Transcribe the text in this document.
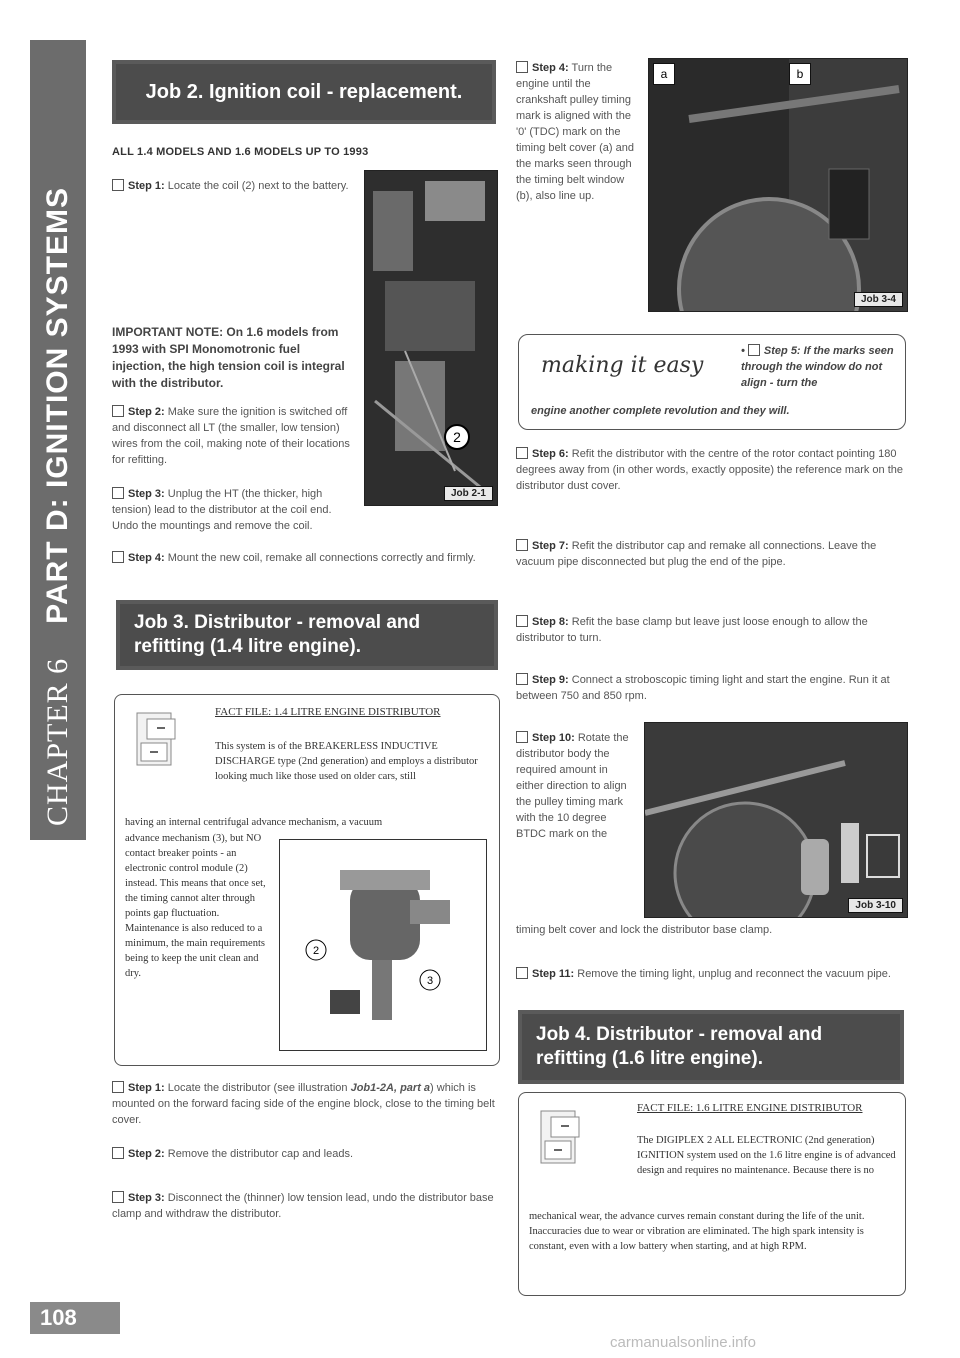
CHAPTER 6
PART D: IGNITION SYSTEMS
Job 2. Ignition coil - replacement.
ALL 1.4 MODELS AND 1.6 MODELS UP TO 1993
Step 1: Locate the coil (2) next to the battery.
IMPORTANT NOTE: On 1.6 models from 1993 with SPI Monomotronic fuel injection, the high tension coil is integral with the distributor.
Step 2: Make sure the ignition is switched off and disconnect all LT (the smaller, low tension) wires from the coil, making note of their locations for refitting.
Step 3: Unplug the HT (the thicker, high tension) lead to the distributor at the coil end. Undo the mountings and remove the coil.
2
Job 2-1
Step 4: Mount the new coil, remake all connections correctly and firmly.
Job 3. Distributor - removal and refitting (1.4 litre engine).
FACT FILE: 1.4 LITRE ENGINE DISTRIBUTOR
This system is of the BREAKERLESS INDUCTIVE DISCHARGE type (2nd generation) and employs a distributor looking much like those used on older cars, still
having an internal centrifugal advance mechanism, a vacuum
advance mechanism (3), but NO contact breaker points - an electronic control module (2) instead. This means that once set, the timing cannot alter through points gap fluctuation. Maintenance is also reduced to a minimum, the main requirements being to keep the unit clean and dry.
2
3
Step 1: Locate the distributor (see illustration Job1-2A, part a) which is mounted on the forward facing side of the engine block, close to the timing belt cover.
Step 2: Remove the distributor cap and leads.
Step 3: Disconnect the (thinner) low tension lead, undo the distributor base clamp and withdraw the distributor.
Step 4: Turn the engine until the crankshaft pulley timing mark is aligned with the '0' (TDC) mark on the timing belt cover (a) and the marks seen through the timing belt window (b), also line up.
a	b
Job 3-4
making it easy
• Step 5: If the marks seen through the window do not align - turn the
engine another complete revolution and they will.
Step 6: Refit the distributor with the centre of the rotor contact pointing 180 degrees away from (in other words, exactly opposite) the reference mark on the distributor dust cover.
Step 7: Refit the distributor cap and remake all connections. Leave the vacuum pipe disconnected but plug the end of the pipe.
Step 8: Refit the base clamp but leave just loose enough to allow the distributor to turn.
Step 9: Connect a stroboscopic timing light and start the engine. Run it at between 750 and 850 rpm.
Step 10: Rotate the distributor body the required amount in either direction to align the pulley timing mark with the 10 degree BTDC mark on the
timing belt cover and lock the distributor base clamp.
Job 3-10
Step 11: Remove the timing light, unplug and reconnect the vacuum pipe.
Job 4. Distributor - removal and refitting (1.6 litre engine).
FACT FILE: 1.6 LITRE ENGINE DISTRIBUTOR
The DIGIPLEX 2 ALL ELECTRONIC (2nd generation) IGNITION system used on the 1.6 litre engine is of advanced design and requires no maintenance. Because there is no
mechanical wear, the advance curves remain constant during the life of the unit. Inaccuracies due to wear or vibration are eliminated. The high spark intensity is constant, even with a low battery when starting, and at high RPM.
108
carmanualsonline.info
